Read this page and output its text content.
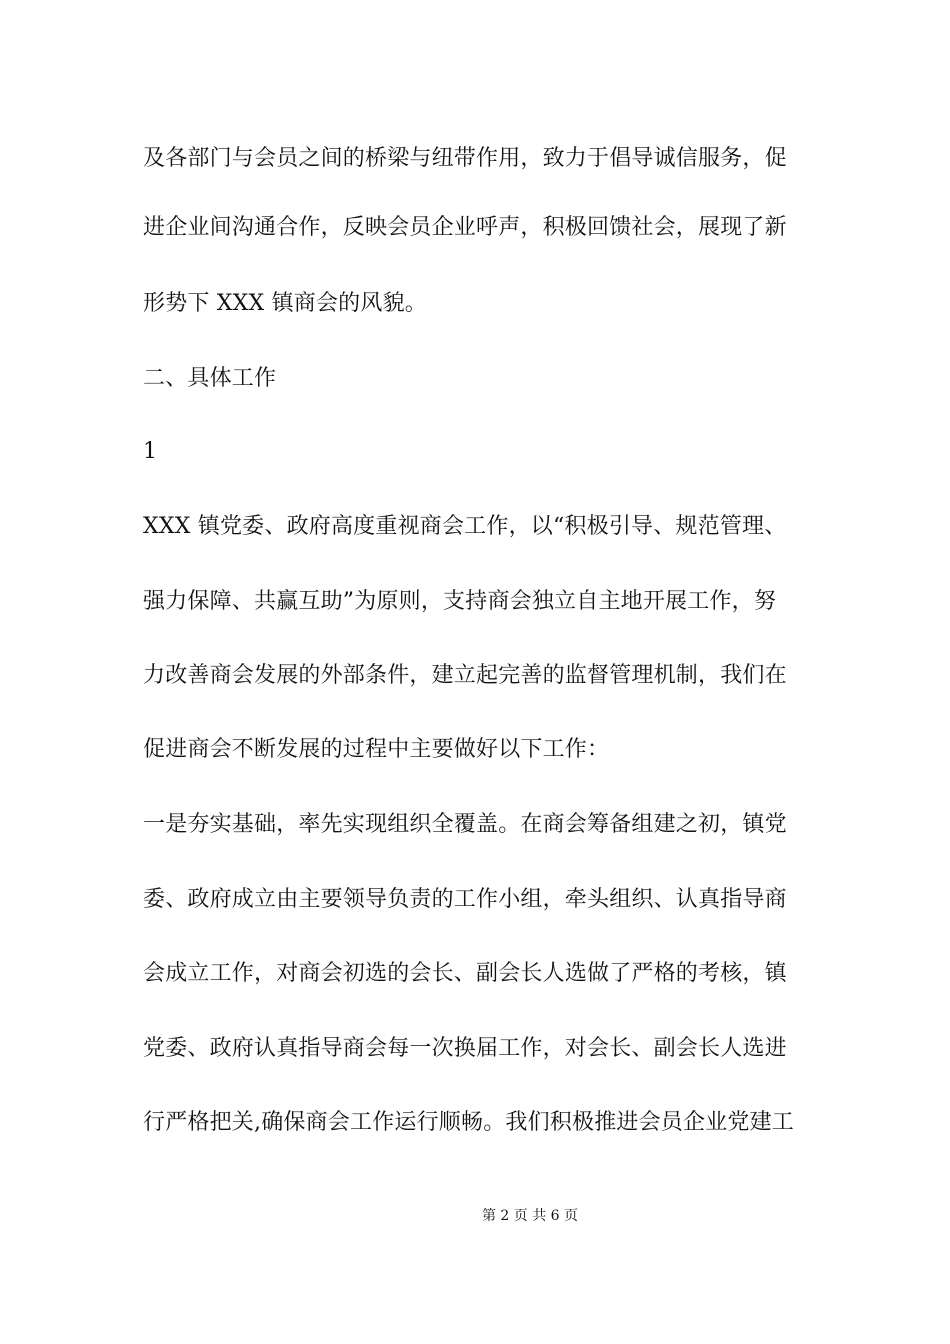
及各部门与会员之间的桥梁与纽带作用，致力于倡导诚信服务，促
进企业间沟通合作，反映会员企业呼声，积极回馈社会，展现了新
形势下 XXX 镇商会的风貌。
二、具体工作
1
XXX 镇党委、政府高度重视商会工作，以“积极引导、规范管理、
强力保障、共赢互助”为原则，支持商会独立自主地开展工作，努
力改善商会发展的外部条件，建立起完善的监督管理机制，我们在
促进商会不断发展的过程中主要做好以下工作：
一是夯实基础，率先实现组织全覆盖。在商会筹备组建之初，镇党
委、政府成立由主要领导负责的工作小组，牵头组织、认真指导商
会成立工作，对商会初选的会长、副会长人选做了严格的考核，镇
党委、政府认真指导商会每一次换届工作，对会长、副会长人选进
行严格把关,确保商会工作运行顺畅。我们积极推进会员企业党建工
第 2 页 共 6 页
